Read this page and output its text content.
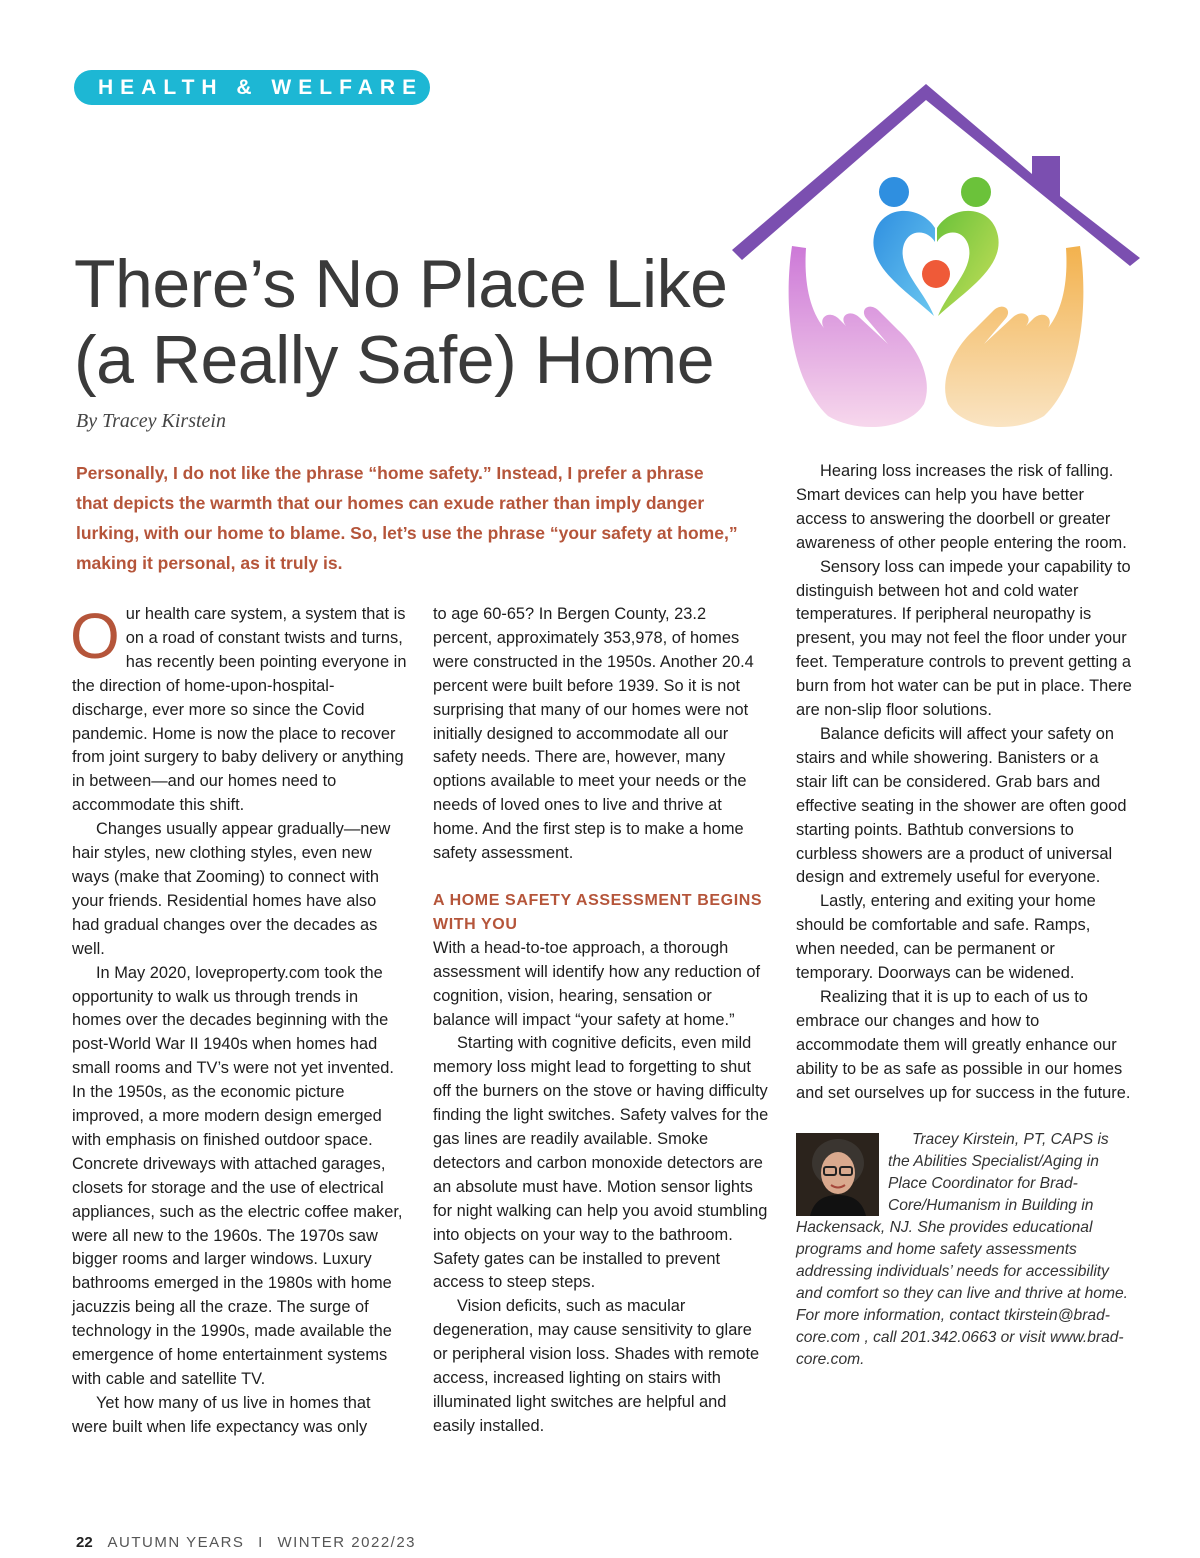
HEALTH & WELFARE
There’s No Place Like
(a Really Safe) Home
By Tracey Kirstein

Personally, I do not like the phrase “home safety.” Instead, I prefer a phrase that depicts the warmth that our homes can exude rather than imply danger lurking, with our home to blame. So, let’s use the phrase “your safety at home,” making it personal, as it truly is.

Our health care system, a system that is on a road of constant twists and turns, has recently been pointing everyone in the direction of home-upon-hospital-discharge, ever more so since the Covid pandemic. Home is now the place to recover from joint surgery to baby delivery or anything in between—and our homes need to accommodate this shift.

Changes usually appear gradually—new hair styles, new clothing styles, even new ways (make that Zooming) to connect with your friends. Residential homes have also had gradual changes over the decades as well.

In May 2020, loveproperty.com took the opportunity to walk us through trends in homes over the decades beginning with the post-World War II 1940s when homes had small rooms and TV’s were not yet invented. In the 1950s, as the economic picture improved, a more modern design emerged with emphasis on finished outdoor space. Concrete driveways with attached garages, closets for storage and the use of electrical appliances, such as the electric coffee maker, were all new to the 1960s. The 1970s saw bigger rooms and larger windows. Luxury bathrooms emerged in the 1980s with home jacuzzis being all the craze. The surge of technology in the 1990s, made available the emergence of home entertainment systems with cable and satellite TV.

Yet how many of us live in homes that were built when life expectancy was only

to age 60-65? In Bergen County, 23.2 percent, approximately 353,978, of homes were constructed in the 1950s. Another 20.4 percent were built before 1939. So it is not surprising that many of our homes were not initially designed to accommodate all our safety needs. There are, however, many options available to meet your needs or the needs of loved ones to live and thrive at home. And the first step is to make a home safety assessment.

A HOME SAFETY ASSESSMENT BEGINS WITH YOU

With a head-to-toe approach, a thorough assessment will identify how any reduction of cognition, vision, hearing, sensation or balance will impact “your safety at home.”

Starting with cognitive deficits, even mild memory loss might lead to forgetting to shut off the burners on the stove or having difficulty finding the light switches. Safety valves for the gas lines are readily available. Smoke detectors and carbon monoxide detectors are an absolute must have. Motion sensor lights for night walking can help you avoid stumbling into objects on your way to the bathroom. Safety gates can be installed to prevent access to steep steps.

Vision deficits, such as macular degeneration, may cause sensitivity to glare or peripheral vision loss. Shades with remote access, increased lighting on stairs with illuminated light switches are helpful and easily installed.

Hearing loss increases the risk of falling. Smart devices can help you have better access to answering the doorbell or greater awareness of other people entering the room.

Sensory loss can impede your capability to distinguish between hot and cold water temperatures. If peripheral neuropathy is present, you may not feel the floor under your feet. Temperature controls to prevent getting a burn from hot water can be put in place. There are non-slip floor solutions.

Balance deficits will affect your safety on stairs and while showering. Banisters or a stair lift can be considered. Grab bars and effective seating in the shower are often good starting points. Bathtub conversions to curbless showers are a product of universal design and extremely useful for everyone.

Lastly, entering and exiting your home should be comfortable and safe. Ramps, when needed, can be permanent or temporary. Doorways can be widened.

Realizing that it is up to each of us to embrace our changes and how to accommodate them will greatly enhance our ability to be as safe as possible in our homes and set ourselves up for success in the future.

Tracey Kirstein, PT, CAPS is the Abilities Specialist/Aging in Place Coordinator for Brad-Core/Humanism in Building in Hackensack, NJ. She provides educational programs and home safety assessments addressing individuals’ needs for accessibility and comfort so they can live and thrive at home. For more information, contact tkirstein@brad-core.com , call 201.342.0663 or visit www.brad-core.com.

22 AUTUMN YEARS I WINTER 2022/23
